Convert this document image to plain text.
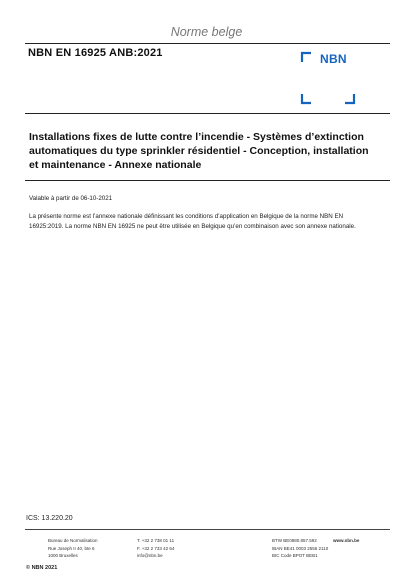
Norme belge
NBN EN 16925 ANB:2021	NBN
Installations fixes de lutte contre l’incendie - Systèmes d’extinction automatiques du type sprinkler résidentiel - Conception, installation et maintenance - Annexe nationale
Valable à partir de 06-10-2021
La présente norme est l’annexe nationale définissant les conditions d’application en Belgique de la norme NBN EN 16925:2019. La norme NBN EN 16925 ne peut être utilisée en Belgique qu’en combinaison avec son annexe nationale.
ICS: 13.220.20
Bureau de Normalisation
Rue Joseph II 40, bte 6
1000 Bruxelles
T. +32 2 738 01 11
F. +32 2 733 42 64
info@nbn.be
BTW BE0880.857.592
IBAN BE41 0003 2556 2110
BIC Code BPOT BEB1
www.nbn.be
© NBN 2021
